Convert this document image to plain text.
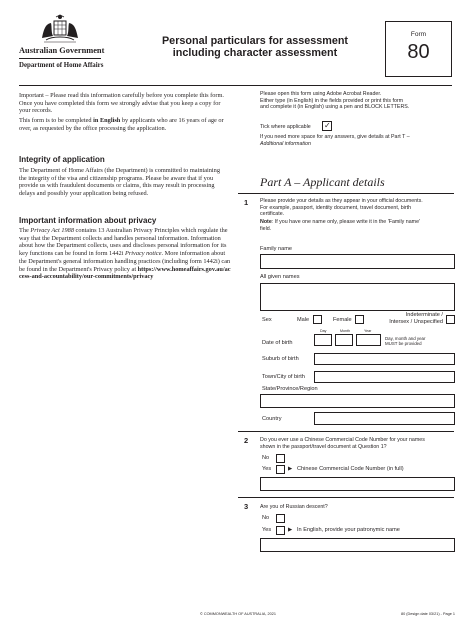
Australian Government
Department of Home Affairs
Personal particulars for assessment
including character assessment
Form
80
Important – Please read this information carefully before you complete this form. Once you have completed this form we strongly advise that you keep a copy for your records.
This form is to be completed in English by applicants who are 16 years of age or over, as requested by the office processing the application.
Integrity of application
The Department of Home Affairs (the Department) is committed to maintaining the integrity of the visa and citizenship programs. Please be aware that if you provide us with fraudulent documents or claims, this may result in processing delays and possibly your application being refused.
Important information about privacy
The Privacy Act 1988 contains 13 Australian Privacy Principles which regulate the way that the Department collects and handles personal information. Information about how the Department collects, uses and discloses personal information for its key functions can be found in form 1442i Privacy notice. More information about the Department's general information handling practices (including form 1442i) can be found in the Department's Privacy policy at https://www.homeaffairs.gov.au/access-and-accountability/our-commitments/privacy
Please open this form using Adobe Acrobat Reader.
Either type (in English) in the fields provided or print this form
and complete it (in English) using a pen and BLOCK LETTERS.
Tick where applicable ✓
If you need more space for any answers, give details at Part T –
Additional information
Part A – Applicant details
1 Please provide your details as they appear in your official documents.
For example, passport, identity document, travel document, birth
certificate.
Note: If you have one name only, please write it in the 'Family name'
field.
Family name
All given names
Sex	Male	Female
Indeterminate /
Intersex / Unspecified
Day	Month	Year
Date of birth
Day, month and year
MUST be provided
Suburb of birth
Town/City of birth
State/Province/Region
Country
2 Do you ever use a Chinese Commercial Code Number for your names
shown in the passport/travel document at Question 1?
No
Yes	▶ Chinese Commercial Code Number (in full)
3 Are you of Russian descent?
No
Yes	▶ In English, provide your patronymic name
© COMMONWEALTH OF AUSTRALIA, 2021	80 (Design date 03/21) - Page 1
